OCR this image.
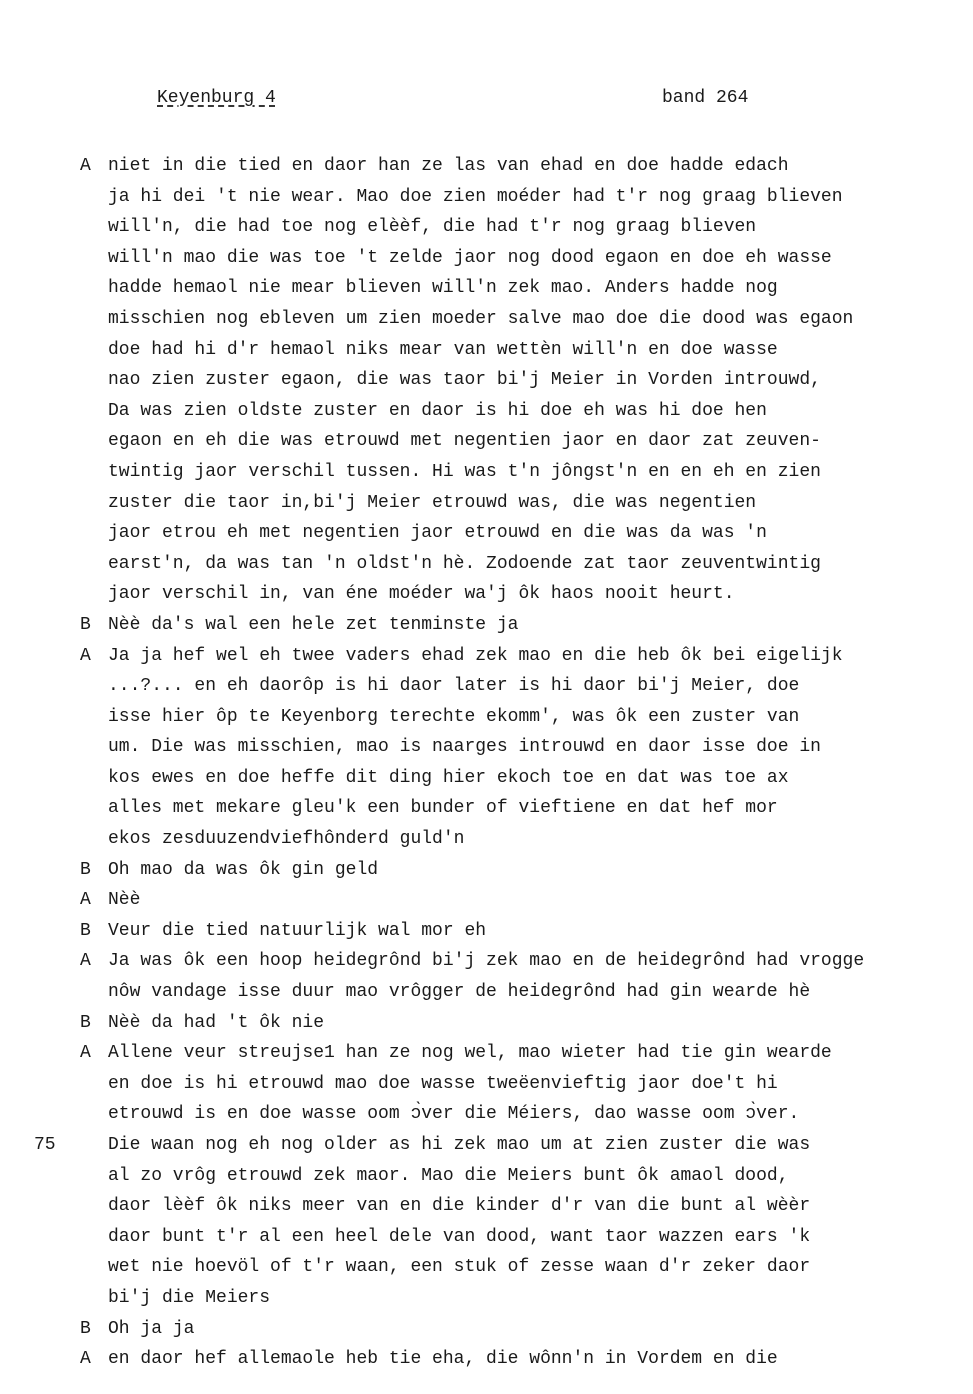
Keyenburg 4	band 264
A niet in die tied en daor han ze las van ehad en doe hadde edach
ja hi dei 't nie wear. Mao doe zien moéder had t'r nog graag blieven
will'n, die had toe nog elèèf, die had t'r nog graag blieven
will'n mao die was toe 't zelde jaor nog dood egaon en doe eh wasse
hadde hemaol nie mear blieven will'n zek mao. Anders hadde nog
misschien nog ebleven um zien moeder salve mao doe die dood was egaon
doe had hi d'r hemaol niks mear van wettèn will'n en doe wasse
nao zien zuster egaon, die was taor bi'j Meier in Vorden introuwd,
Da was zien oldste zuster en daor is hi doe eh was hi doe hen
egaon en eh die was etrouwd met negentien jaor en daor zat zeuven-
twintig jaor verschil tussen. Hi was t'n jôngst'n en en eh en zien
zuster die taor in,bi'j Meier etrouwd was, die was negentien
jaor etrou eh met negentien jaor etrouwd en die was da was 'n
earst'n, da was tan 'n oldst'n hè. Zodoende zat taor zeuventwintig
jaor verschil in, van éne moéder wa'j ôk haos nooit heurt.
B Nèè da's wal een hele zet tenminste ja
A Ja ja hef wel eh twee vaders ehad zek mao en die heb ôk bei eigelijk
...?... en eh daorôp is hi daor later is hi daor bi'j Meier, doe
isse hier ôp te Keyenborg terechte ekomm', was ôk een zuster van
um. Die was misschien, mao is naarges introuwd en daor isse doe in
kos ewes en doe heffe dit ding hier ekoch toe en dat was toe ax
alles met mekare gleu'k een bunder of vieftiene en dat hef mor
ekos zesduuzendviefhônderd guld'n
B Oh mao da was ôk gin geld
A Nèè
B Veur die tied natuurlijk wal mor eh
A Ja was ôk een hoop heidegrônd bi'j zek mao en de heidegrônd had vrogge
nôw vandage isse duur mao vrôgger de heidegrônd had gin wearde hè
B Nèè da had 't ôk nie
A Allene veur streujse1 han ze nog wel, mao wieter had tie gin wearde
en doe is hi etrouwd mao doe wasse tweëenvieftig jaor doe't hi
etrouwd is en doe wasse oom ɔ̀ver die Méiers, dao wasse oom ɔ̀ver.
75	Die waan nog eh nog older as hi zek mao um at zien zuster die was
al zo vrôg etrouwd zek maor. Mao die Meiers bunt ôk amaol dood,
daor lèèf ôk niks meer van en die kinder d'r van die bunt al wèèr
daor bunt t'r al een heel dele van dood, want taor wazzen ears 'k
wet nie hoevöl of t'r waan, een stuk of zesse waan d'r zeker daor
bi'j die Meiers
B Oh ja ja
A en daor hef allemaole heb tie eha, die wônn'n in Vordem en die
